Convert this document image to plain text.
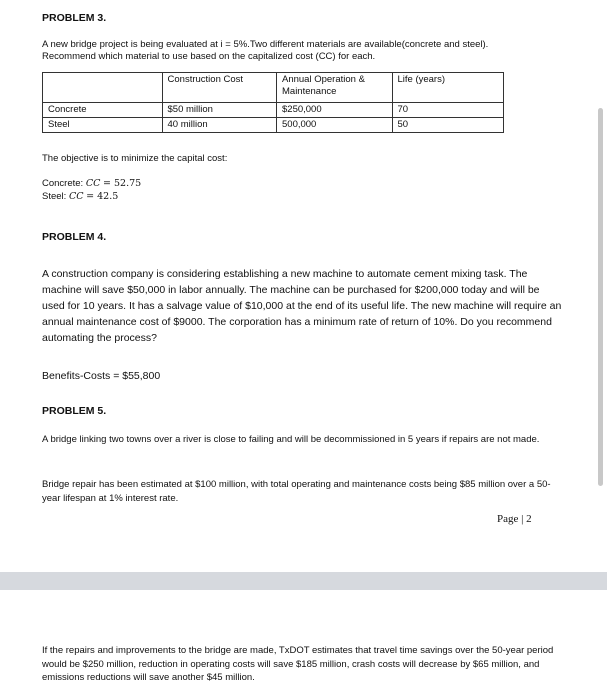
PROBLEM 3.
A new bridge project is being evaluated at i = 5%.Two different materials are available(concrete and steel).
Recommend which material to use based on the capitalized cost (CC) for each.
	Construction Cost	Annual Operation & Maintenance	Life (years)
Concrete	$50 million	$250,000	70
Steel	40 million	500,000	50
The objective is to minimize the capital cost:
Concrete: CC = 52.75
Steel: CC = 42.5
PROBLEM 4.
A construction company is considering establishing a new machine to automate cement mixing task. The machine will save $50,000 in labor annually. The machine can be purchased for $200,000 today and will be used for 10 years. It has a salvage value of $10,000 at the end of its useful life. The new machine will require an annual maintenance cost of $9000. The corporation has a minimum rate of return of 10%. Do you recommend automating the process?
Benefits-Costs = $55,800
PROBLEM 5.
A bridge linking two towns over a river is close to failing and will be decommissioned in 5 years if repairs are not made.
Bridge repair has been estimated at $100 million, with total operating and maintenance costs being $85 million over a 50-year lifespan at 1% interest rate.
Page | 2
If the repairs and improvements to the bridge are made, TxDOT estimates that travel time savings over the 50-year period would be $250 million, reduction in operating costs will save $185 million, crash costs will decrease by $65 million, and emissions reductions will save another $45 million.
